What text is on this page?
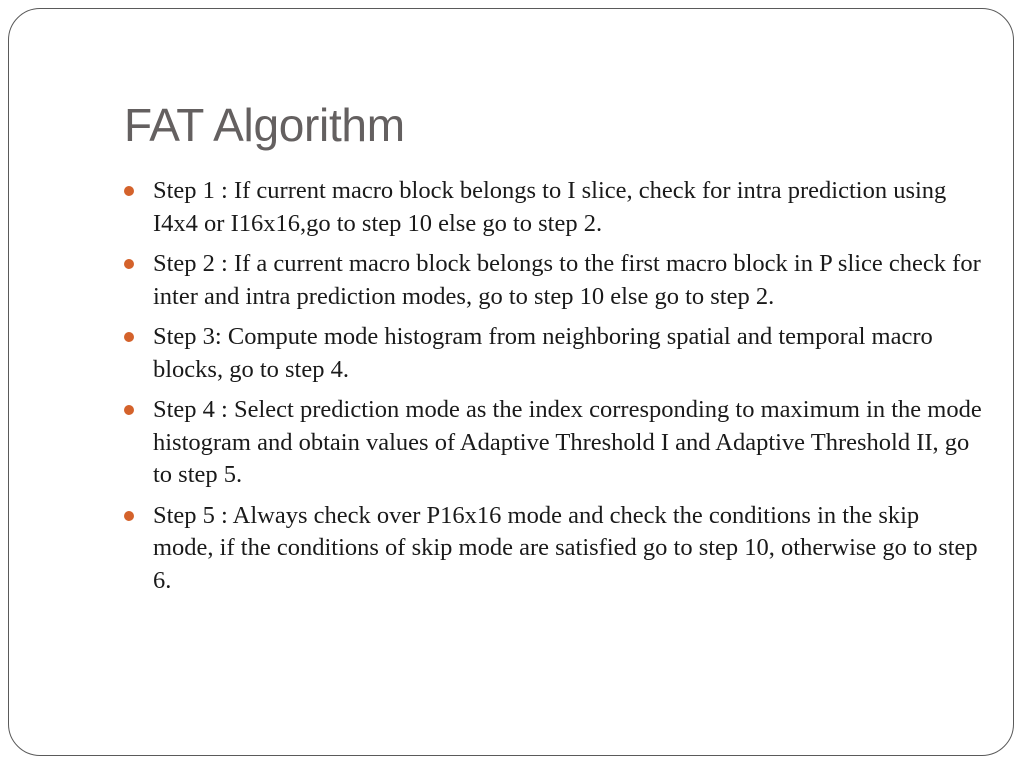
FAT Algorithm
Step 1 : If current macro block belongs to I slice, check for intra prediction using I4x4 or I16x16,go to step 10 else go to step 2.
Step 2 : If a current macro block belongs to the first macro block in P slice check for inter and intra prediction modes, go to step 10 else go to step 2.
Step 3: Compute mode histogram from neighboring spatial and temporal macro blocks, go to step 4.
Step 4 : Select prediction mode as the index corresponding to maximum in the mode histogram and obtain values of Adaptive Threshold I and Adaptive Threshold II, go to step 5.
Step 5 : Always check over P16x16 mode and check the conditions in the skip mode, if the conditions of skip mode are satisfied go to step 10, otherwise go to step 6.
